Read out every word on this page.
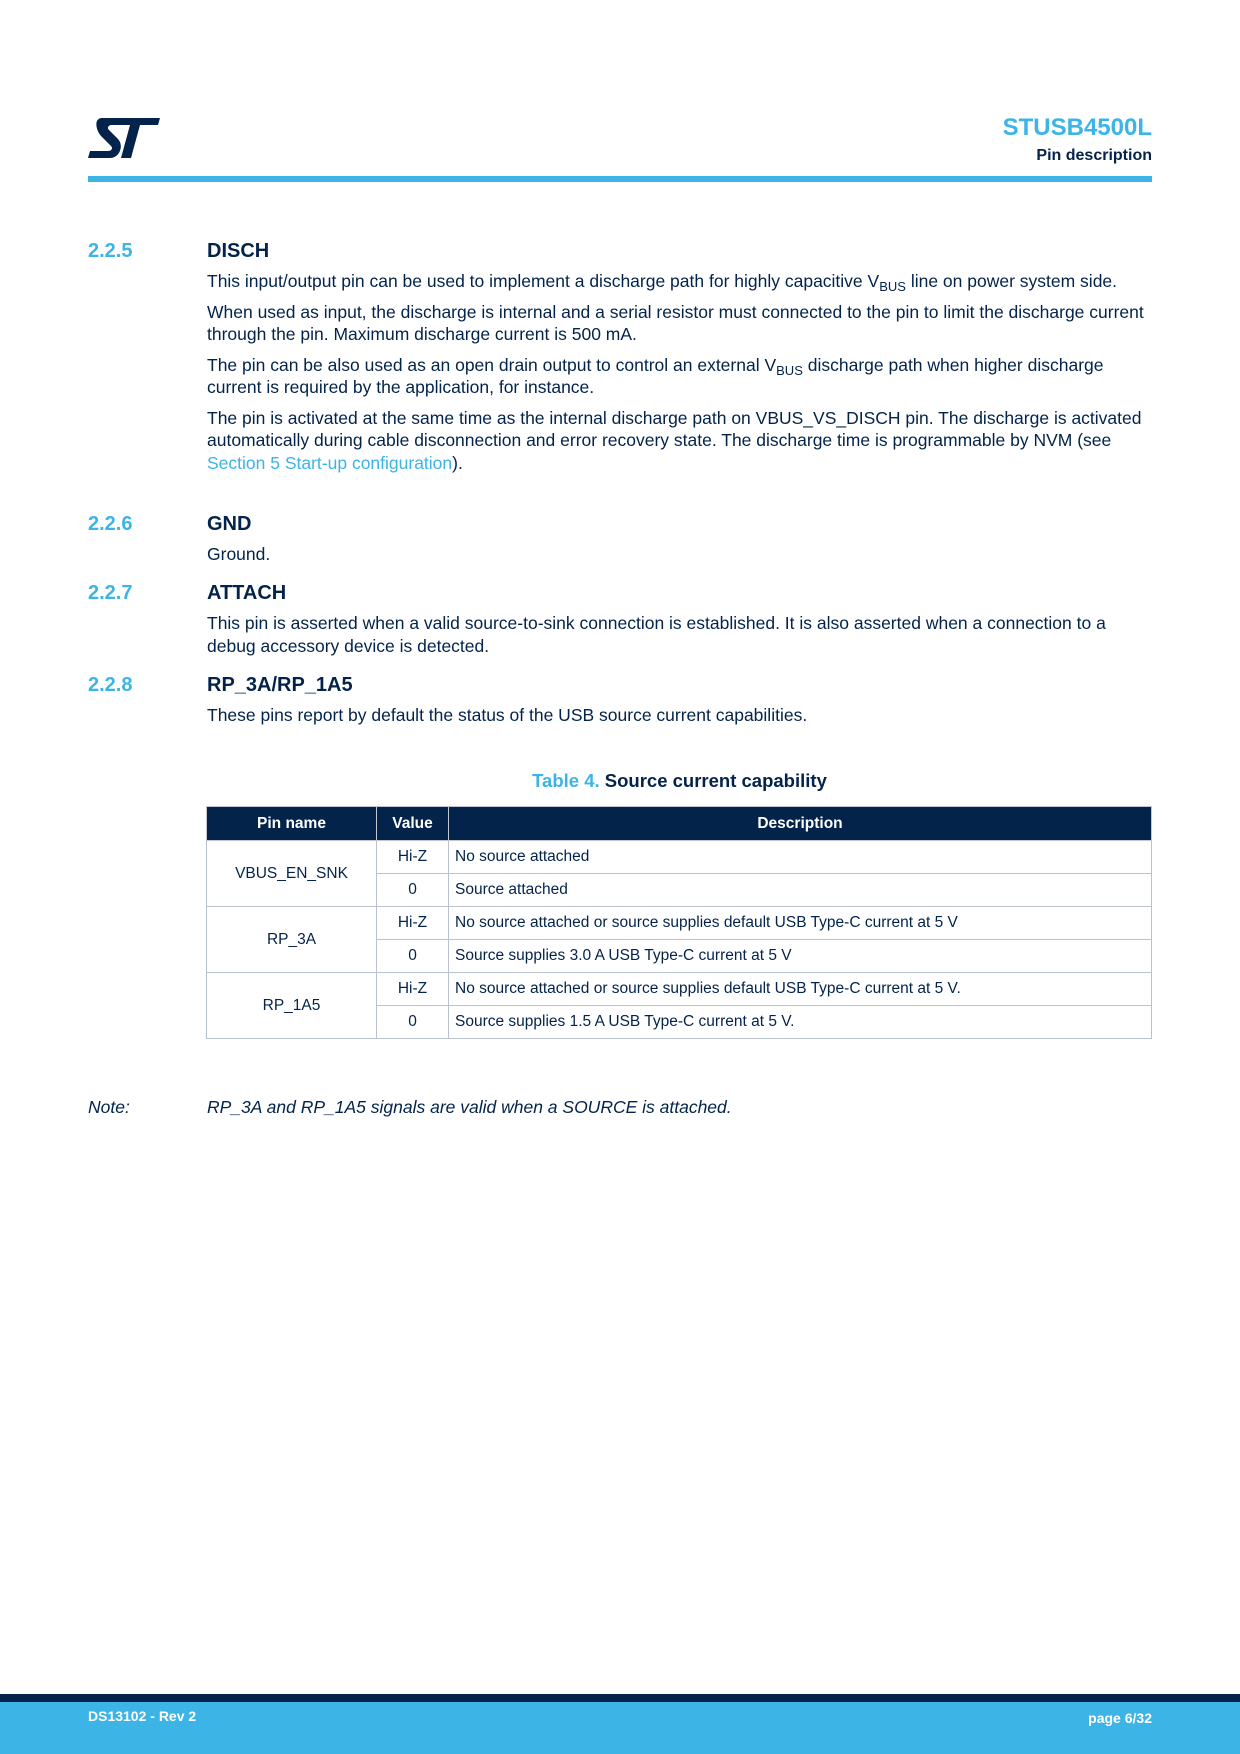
STUSB4500L
Pin description
2.2.5	DISCH

This input/output pin can be used to implement a discharge path for highly capacitive $V_{BUS}$ line on power system side.

When used as input, the discharge is internal and a serial resistor must connected to the pin to limit the discharge current through the pin. Maximum discharge current is 500 mA.

The pin can be also used as an open drain output to control an external $V_{BUS}$ discharge path when higher discharge current is required by the application, for instance.

The pin is activated at the same time as the internal discharge path on VBUS_VS_DISCH pin. The discharge is activated automatically during cable disconnection and error recovery state. The discharge time is programmable by NVM (see Section 5 Start-up configuration).

2.2.6	GND

Ground.

2.2.7	ATTACH

This pin is asserted when a valid source-to-sink connection is established. It is also asserted when a connection to a debug accessory device is detected.

2.2.8	RP_3A/RP_1A5

These pins report by default the status of the USB source current capabilities.

Table 4. Source current capability
Pin name	Value	Description
VBUS_EN_SNK	Hi-Z	No source attached
	0	Source attached
RP_3A	Hi-Z	No source attached or source supplies default USB Type-C current at 5 V
	0	Source supplies 3.0 A USB Type-C current at 5 V
RP_1A5	Hi-Z	No source attached or source supplies default USB Type-C current at 5 V.
	0	Source supplies 1.5 A USB Type-C current at 5 V.
Note:	RP_3A and RP_1A5 signals are valid when a SOURCE is attached.
DS13102 - Rev 2	page 6/32
